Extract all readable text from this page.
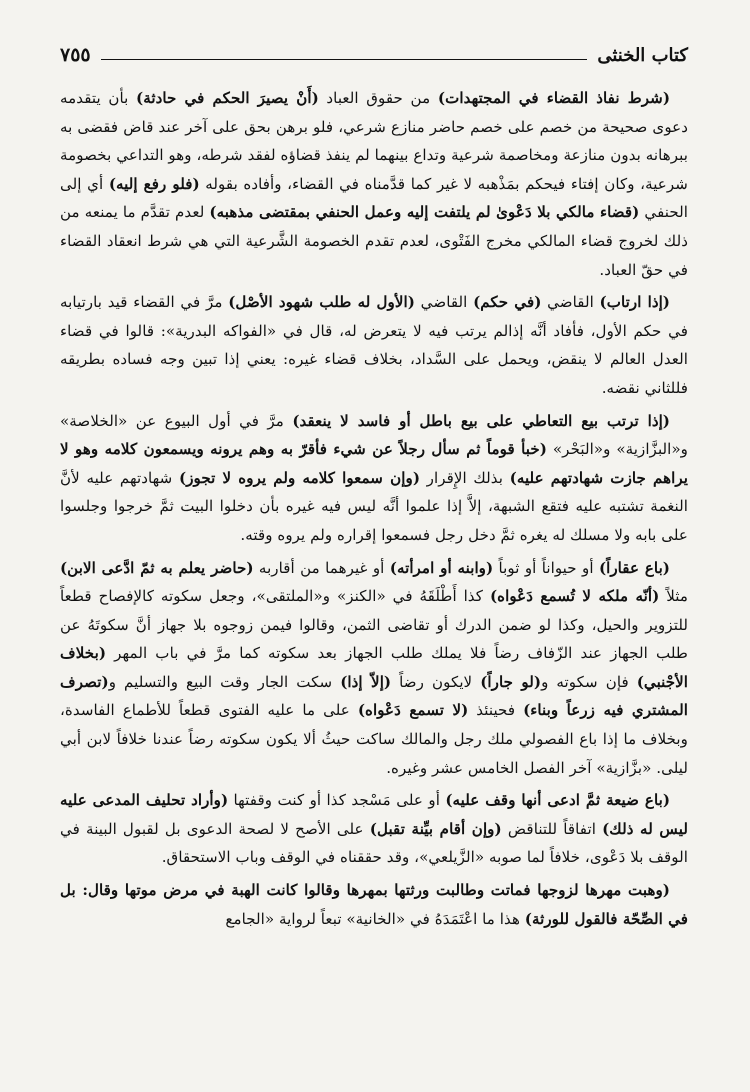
كتاب الخنثى
٧٥٥

(شرط نفاذ القضاء في المجتهدات) من حقوق العباد (أَنْ يصيرَ الحكم في حادثة) بأن يتقدمه دعوى صحيحة من خصم على خصم حاضر منازع شرعي، فلو برهن بحق على آخر عند قاض فقضى به ببرهانه بدون منازعة ومخاصمة شرعية وتداع بينهما لم ينفذ قضاؤه لفقد شرطه، وهو التداعي بخصومة شرعية، وكان إفتاء فيحكم بمَذْهبه لا غير كما قدَّمناه في القضاء، وأفاده بقوله (فلو رفع إليه) أي إلى الحنفي (قضاء مالكي بلا دَعْوىٰ لم يلتفت إليه وعمل الحنفي بمقتضى مذهبه) لعدم تقدَّم ما يمنعه من ذلك لخروج قضاء المالكي مخرج الفَتْوى، لعدم تقدم الخصومة الشَّرعية التي هي شرط انعقاد القضاء في حقّ العباد.

(إذا ارتاب) القاضي (في حكم) القاضي (الأول له طلب شهود الأصْل) مرَّ في القضاء قيد بارتيابه في حكم الأول، فأفاد أنَّه إذالم يرتب فيه لا يتعرض له، قال في «الفواكه البدرية»: قالوا في قضاء العدل العالم لا ينقض، ويحمل على السَّداد، بخلاف قضاء غيره: يعني إذا تبين وجه فساده بطريقه فللثاني نقضه.

(إذا ترتب بيع التعاطي على بيع باطل أو فاسد لا ينعقد) مرَّ في أول البيوع عن «الخلاصة» و«البزَّازية» و«البَحْر» (خبأ قوماً ثم سأل رجلاً عن شيء فأقرّ به وهم يرونه ويسمعون كلامه وهو لا يراهم جازت شهادتهم عليه) بذلك الإِقرار (وإن سمعوا كلامه ولم يروه لا تجوز) شهادتهم عليه لأنَّ النغمة تشتبه عليه فتقع الشبهة، إلاَّ إذا علموا أنَّه ليس فيه غيره بأن دخلوا البيت ثمَّ خرجوا وجلسوا على بابه ولا مسلك له يغره ثمَّ دخل رجل فسمعوا إقراره ولم يروه وقته.

(باع عقاراً) أو حيواناً أو ثوباً (وابنه أو امرأته) أو غيرهما من أقاربه (حاضر يعلم به ثمّ ادَّعى الابن) مثلاً (أنّه ملكه لا تُسمع دَعْواه) كذا أَطْلَقَهُ في «الكنز» و«الملتقى»، وجعل سكوته كالإفصاح قطعاً للتزوير والحيل، وكذا لو ضمن الدرك أو تقاضى الثمن، وقالوا فيمن زوجوه بلا جهاز أنَّ سكوتَهُ عن طلب الجهاز عند الزّفاف رضاً فلا يملك طلب الجهاز بعد سكوته كما مرَّ في باب المهر (بخلاف الأجْنبي) فإن سكوته و(لو جاراً) لايكون رضاً (إلاّ إذا) سكت الجار وقت البيع والتسليم و(تصرف المشتري فيه زرعاً وبناء) فحينئذ (لا تسمع دَعْواه) على ما عليه الفتوى قطعاً للأطماع الفاسدة، وبخلاف ما إذا باع الفصولي ملك رجل والمالك ساكت حيثُ ألا يكون سكوته رضاً عندنا خلافاً لابن أبي ليلى. «بزَّازية» آخر الفصل الخامس عشر وغيره.

(باع ضيعة ثمَّ ادعى أنها وقف عليه) أو على مَسْجد كذا أو كنت وقفتها (وأراد تحليف المدعى عليه ليس له ذلك) اتفاقاً للتناقض (وإن أقام بيِّنة تقبل) على الأصح لا لصحة الدعوى بل لقبول البينة في الوقف بلا دَعْوى، خلافاً لما صوبه «الزَّيلعي»، وقد حققناه في الوقف وباب الاستحقاق.

(وهبت مهرها لزوجها فماتت وطالبت ورثتها بمهرها وقالوا كانت الهبة في مرض موتها وقال: بل في الصِّحّة فالقول للورثة) هذا ما اعْتَمَدَهُ في «الخانية» تبعاً لرواية «الجامع
